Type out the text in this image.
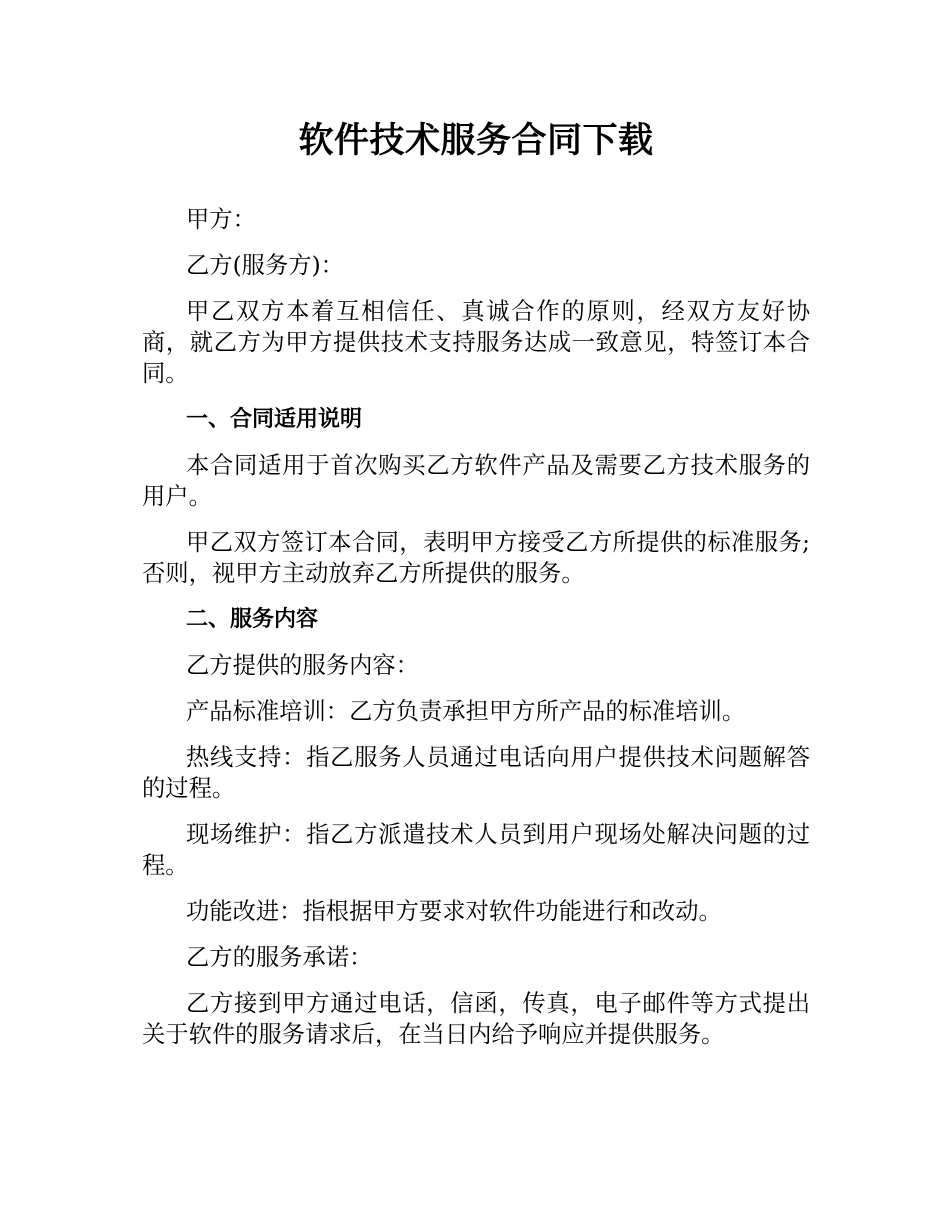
软件技术服务合同下载

甲方：

乙方(服务方)：

甲乙双方本着互相信任、真诚合作的原则，经双方友好协商，就乙方为甲方提供技术支持服务达成一致意见，特签订本合同。

一、合同适用说明

本合同适用于首次购买乙方软件产品及需要乙方技术服务的用户。

甲乙双方签订本合同，表明甲方接受乙方所提供的标准服务;否则，视甲方主动放弃乙方所提供的服务。

二、服务内容

乙方提供的服务内容：

产品标准培训：乙方负责承担甲方所产品的标准培训。

热线支持：指乙服务人员通过电话向用户提供技术问题解答的过程。

现场维护：指乙方派遣技术人员到用户现场处解决问题的过程。

功能改进：指根据甲方要求对软件功能进行和改动。

乙方的服务承诺：

乙方接到甲方通过电话，信函，传真，电子邮件等方式提出关于软件的服务请求后，在当日内给予响应并提供服务。
